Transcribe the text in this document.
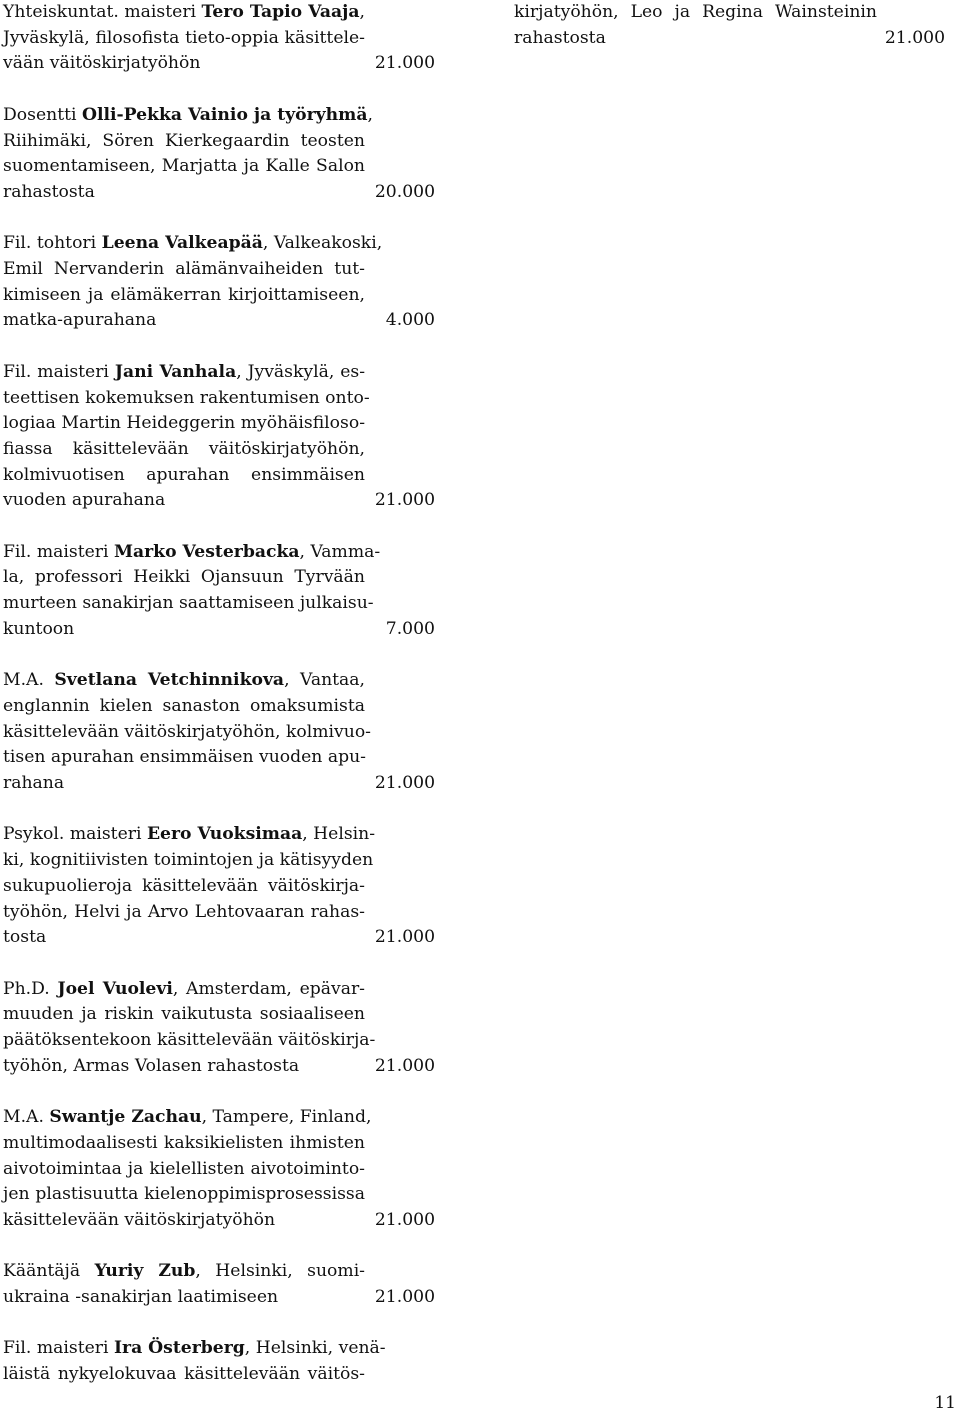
Yhteiskuntat. maisteri Tero Tapio Vaaja,
Jyväskylä, filosofista tieto-oppia käsittele-
vään väitöskirjatyöhön	21.000
Dosentti Olli-Pekka Vainio ja työryhmä,
Riihimäki, Sören Kierkegaardin teosten
suomentamiseen, Marjatta ja Kalle Salon
rahastosta	20.000
Fil. tohtori Leena Valkeapää, Valkeakoski,
Emil Nervanderin alämänvaiheiden tut-
kimiseen ja elämäkerran kirjoittamiseen,
matka-apurahana	4.000
Fil. maisteri Jani Vanhala, Jyväskylä, es-
teettisen kokemuksen rakentumisen onto-
logiaa Martin Heideggerin myöhäisfiloso-
fiassa käsittelevään väitöskirjatyöhön,
kolmivuotisen apurahan ensimmäisen
vuoden apurahana	21.000
Fil. maisteri Marko Vesterbacka, Vamma-
la, professori Heikki Ojansuun Tyrvään
murteen sanakirjan saattamiseen julkaisu-
kuntoon	7.000
M.A. Svetlana Vetchinnikova, Vantaa,
englannin kielen sanaston omaksumista
käsittelevään väitöskirjatyöhön, kolmivuo-
tisen apurahan ensimmäisen vuoden apu-
rahana	21.000
Psykol. maisteri Eero Vuoksimaa, Helsin-
ki, kognitiivisten toimintojen ja kätisyyden
sukupuolieroja käsittelevään väitöskirja-
työhön, Helvi ja Arvo Lehtovaaran rahas-
tosta	21.000
Ph.D. Joel Vuolevi, Amsterdam, epävar-
muuden ja riskin vaikutusta sosiaaliseen
päätöksentekoon käsittelevään väitöskirja-
työhön, Armas Volasen rahastosta	21.000
M.A. Swantje Zachau, Tampere, Finland,
multimodaalisesti kaksikielisten ihmisten
aivotoimintaa ja kielellisten aivotoiminto-
jen plastisuutta kielenoppimisprosessissa
käsittelevään väitöskirjatyöhön	21.000
Kääntäjä Yuriy Zub, Helsinki, suomi-
ukraina -sanakirjan laatimiseen	21.000
Fil. maisteri Ira Österberg, Helsinki, venä-
läistä nykyelokuvaa käsittelevään väitös-
kirjatyöhön, Leo ja Regina Wainsteinin
rahastosta	21.000
11
